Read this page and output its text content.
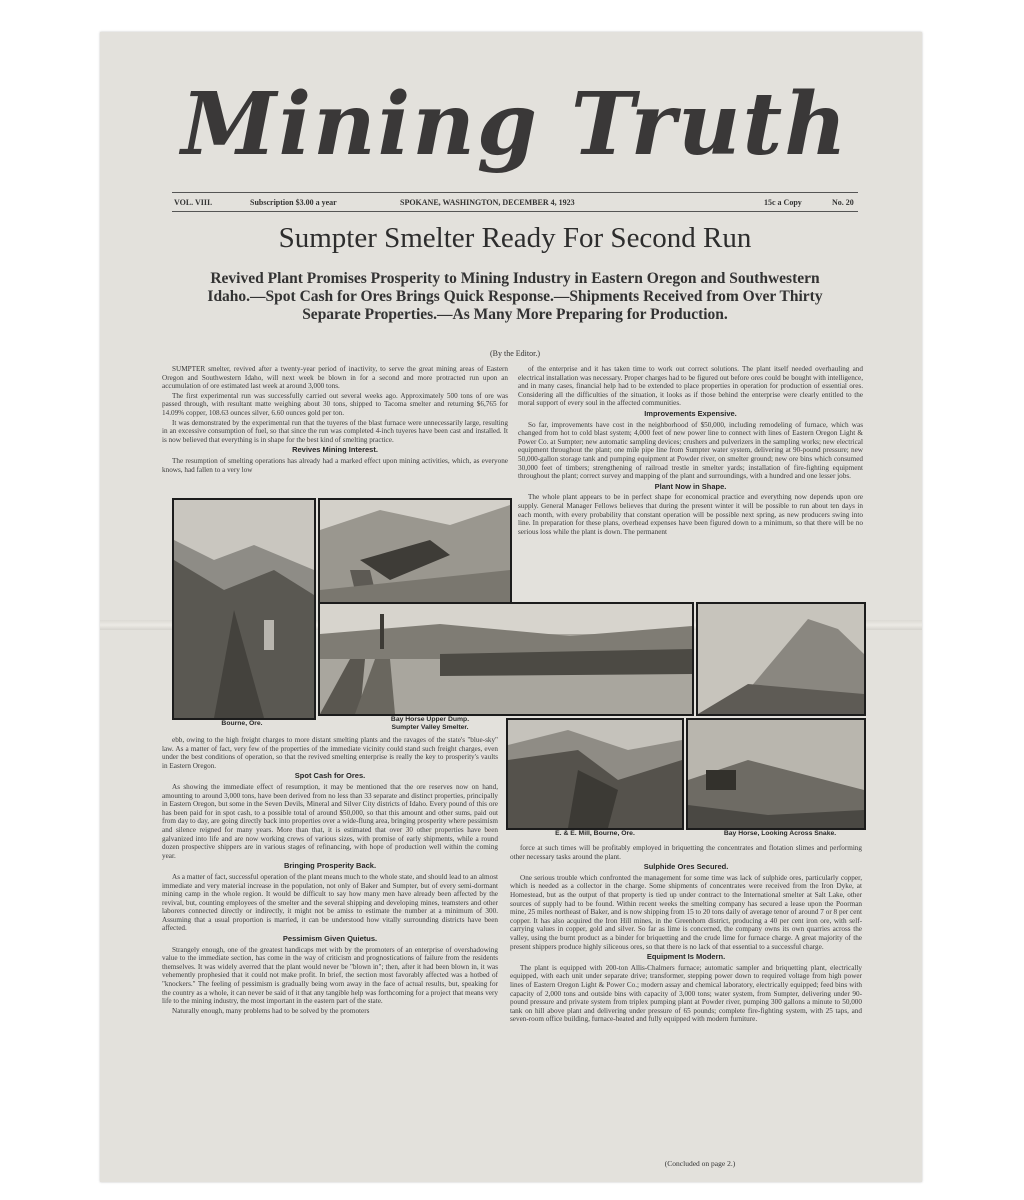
Mining Truth
VOL. VIII.	Subscription $3.00 a year	SPOKANE, WASHINGTON, DECEMBER 4, 1923	15c a Copy	No. 20
Sumpter Smelter Ready For Second Run
Revived Plant Promises Prosperity to Mining Industry in Eastern Oregon and Southwestern Idaho.—Spot Cash for Ores Brings Quick Response.—Shipments Received from Over Thirty Separate Properties.—As Many More Preparing for Production.
(By the Editor.)

SUMPTER smelter, revived after a twenty-year period of inactivity, to serve the great mining areas of Eastern Oregon and Southwestern Idaho, will next week be blown in for a second and more protracted run upon an accumulation of ore estimated last week at around 3,000 tons.

The first experimental run was successfully carried out several weeks ago. Approximately 500 tons of ore was passed through, with resultant matte weighing about 30 tons, shipped to Tacoma smelter and returning $6,765 for 14.09% copper, 108.63 ounces silver, 6.60 ounces gold per ton.

It was demonstrated by the experimental run that the tuyeres of the blast furnace were unnecessarily large, resulting in an excessive consumption of fuel, so that since the run was completed 4-inch tuyeres have been cast and installed. It is now believed that everything is in shape for the best kind of smelting practice.

Revives Mining Interest.

The resumption of smelting operations has already had a marked effect upon mining activities, which, as everyone knows, had fallen to a very low

of the enterprise and it has taken time to work out correct solutions. The plant itself needed overhauling and electrical installation was necessary. Proper charges had to be figured out before ores could be bought with intelligence, and in many cases, financial help had to be extended to place properties in operation for production of essential ores. Considering all the difficulties of the situation, it looks as if those behind the enterprise were clearly entitled to the moral support of every soul in the affected communities.

Improvements Expensive.

So far, improvements have cost in the neighborhood of $50,000, including remodeling of furnace, which was changed from hot to cold blast system; 4,000 feet of new power line to connect with lines of Eastern Oregon Light & Power Co. at Sumpter; new automatic sampling devices; crushers and pulverizers in the sampling works; new electrical equipment throughout the plant; one mile pipe line from Sumpter water system, delivering at 90-pound pressure; new 50,000-gallon storage tank and pumping equipment at Powder river, on smelter ground; new ore bins which consumed 30,000 feet of timbers; strengthening of railroad trestle in smelter yards; installation of fire-fighting equipment throughout the plant; correct survey and mapping of the plant and surroundings, with a hundred and one lesser jobs.

Plant Now in Shape.

The whole plant appears to be in perfect shape for economical practice and everything now depends upon ore supply. General Manager Fellows believes that during the present winter it will be possible to run about ten days in each month, with every probability that constant operation will be possible next spring, as new producers swing into line. In preparation for these plans, overhead expenses have been figured down to a minimum, so that there will be no serious loss while the plant is down. The permanent

Bourne, Ore.
Bay Horse Upper Dump.
Sumpter Valley Smelter.
E. & E. Mill, Bourne, Ore.	Bay Horse, Looking Across Snake.

ebb, owing to the high freight charges to more distant smelting plants and the ravages of the state's "blue-sky" law. As a matter of fact, very few of the properties of the immediate vicinity could stand such freight charges, even under the best conditions of operation, so that the revived smelting enterprise is really the key to prosperity's vaults in Eastern Oregon.

Spot Cash for Ores.

As showing the immediate effect of resumption, it may be mentioned that the ore reserves now on hand, amounting to around 3,000 tons, have been derived from no less than 33 separate and distinct properties, principally in Eastern Oregon, but some in the Seven Devils, Mineral and Silver City districts of Idaho. Every pound of this ore has been paid for in spot cash, to a possible total of around $50,000, so that this amount and other sums, paid out from day to day, are going directly back into properties over a wide-flung area, bringing prosperity where pessimism and silence reigned for many years. More than that, it is estimated that over 30 other properties have been galvanized into life and are now working crews of various sizes, with promise of early shipments, while a round dozen prospective shippers are in various stages of refinancing, with hope of production well within the coming year.

Bringing Prosperity Back.

As a matter of fact, successful operation of the plant means much to the whole state, and should lead to an almost immediate and very material increase in the population, not only of Baker and Sumpter, but of every semi-dormant mining camp in the whole region. It would be difficult to say how many men have already been affected by the revival, but, counting employees of the smelter and the several shipping and developing mines, teamsters and other laborers connected directly or indirectly, it might not be amiss to estimate the number at a minimum of 300. Assuming that a usual proportion is married, it can be understood how vitally surrounding districts have been affected.

Pessimism Given Quietus.

Strangely enough, one of the greatest handicaps met with by the promoters of an enterprise of overshadowing value to the immediate section, has come in the way of criticism and prognostications of failure from the residents themselves. It was widely averred that the plant would never be "blown in"; then, after it had been blown in, it was vehemently prophesied that it could not make profit. In brief, the section most favorably affected was a hotbed of "knockers." The feeling of pessimism is gradually being worn away in the face of actual results, but, speaking for the country as a whole, it can never be said of it that any tangible help was forthcoming for a project that means very life to the mining industry, the most important in the eastern part of the state.

Naturally enough, many problems had to be solved by the promoters

force at such times will be profitably employed in briquetting the concentrates and flotation slimes and performing other necessary tasks around the plant.

Sulphide Ores Secured.

One serious trouble which confronted the management for some time was lack of sulphide ores, particularly copper, which is needed as a collector in the charge. Some shipments of concentrates were received from the Iron Dyke, at Homestead, but as the output of that property is tied up under contract to the International smelter at Salt Lake, other sources of supply had to be found. Within recent weeks the smelting company has secured a lease upon the Poorman mine, 25 miles northeast of Baker, and is now shipping from 15 to 20 tons daily of average tenor of around 7 or 8 per cent copper. It has also acquired the Iron Hill mines, in the Greenhorn district, producing a 40 per cent iron ore, with self-carrying values in copper, gold and silver. So far as lime is concerned, the company owns its own quarries across the valley, using the burnt product as a binder for briquetting and the crude lime for furnace charge. A great majority of the present shippers produce highly siliceous ores, so that there is no lack of that essential to a successful charge.

Equipment Is Modern.

The plant is equipped with 200-ton Allis-Chalmers furnace; automatic sampler and briquetting plant, electrically equipped, with each unit under separate drive; transformer, stepping power down to required voltage from high power lines of Eastern Oregon Light & Power Co.; modern assay and chemical laboratory, electrically equipped; feed bins with capacity of 2,000 tons and outside bins with capacity of 3,000 tons; water system, from Sumpter, delivering under 90-pound pressure and private system from triplex pumping plant at Powder river, pumping 300 gallons a minute to 50,000 tank on hill above plant and delivering under pressure of 65 pounds; complete fire-fighting system, with 25 taps, and seven-room office building, furnace-heated and fully equipped with modern furniture.

(Concluded on page 2.)
